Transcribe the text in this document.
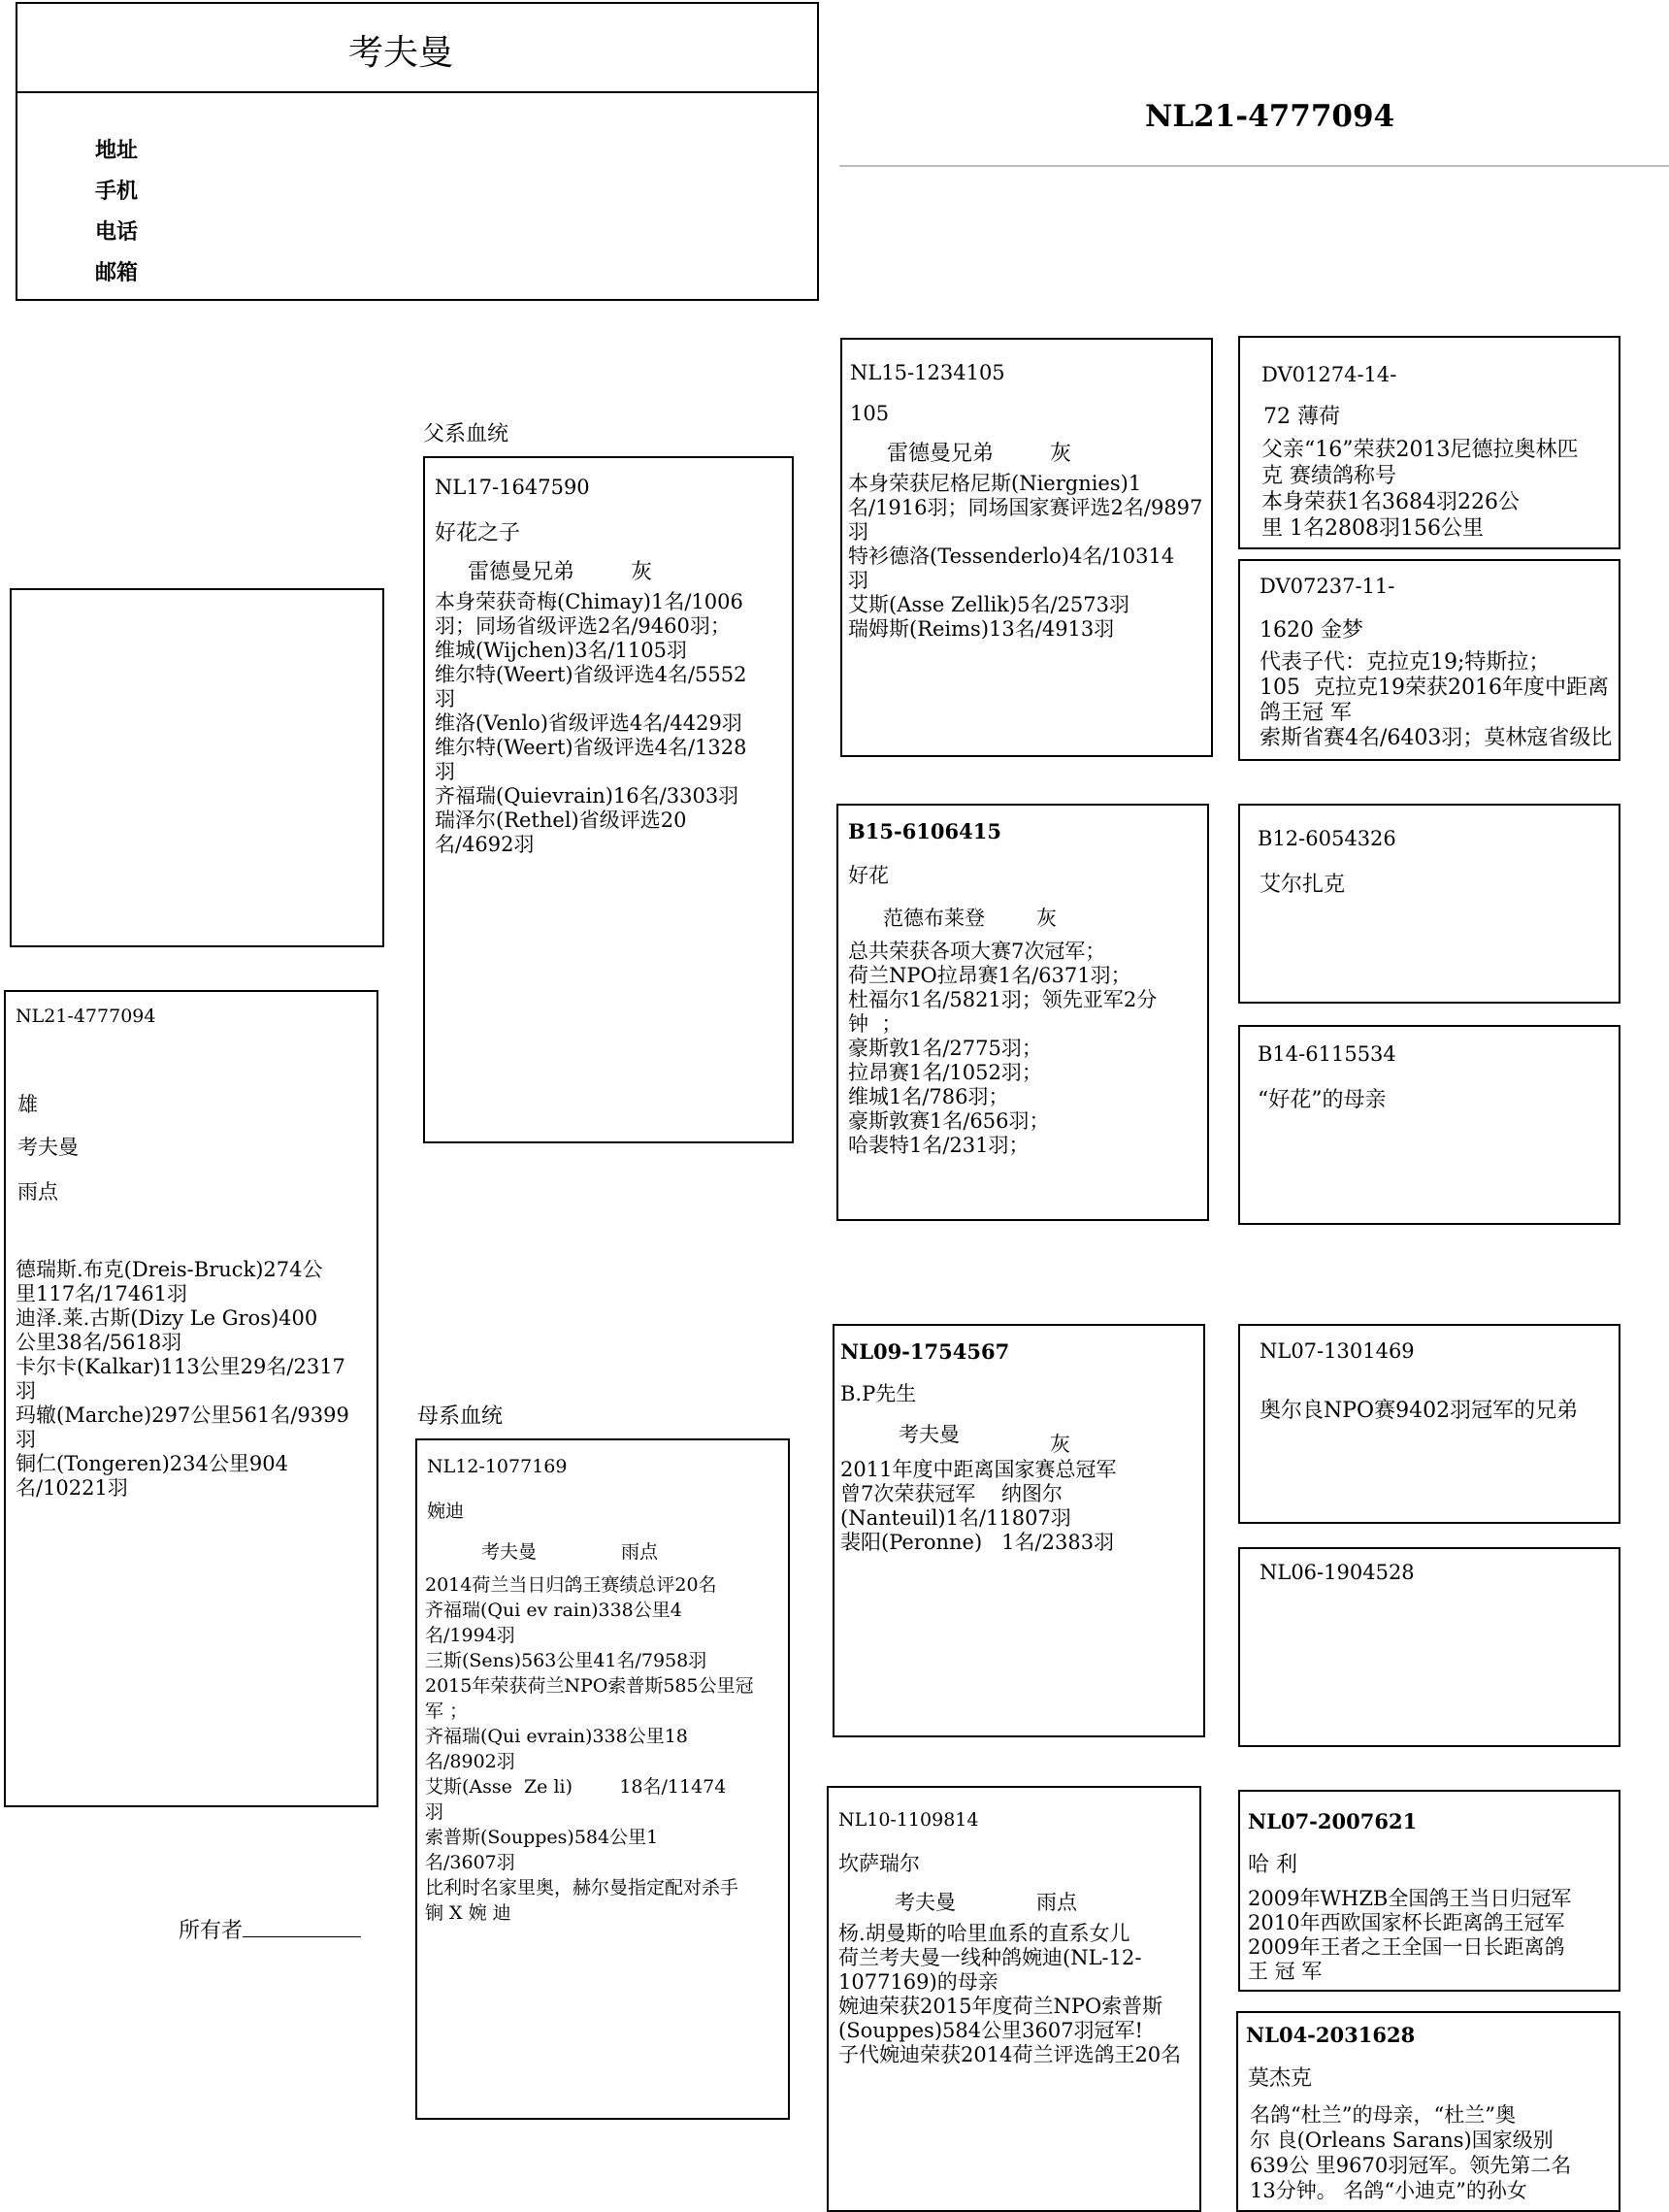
考夫曼
地址
手机
电话
邮箱
NL21-4777094
NL21-4777094
雄
考夫曼
雨点
德瑞斯.布克(Dreis-Bruck)274公
里117名/17461羽
迪泽.莱.古斯(Dizy Le Gros)400
公里38名/5618羽
卡尔卡(Kalkar)113公里29名/2317
羽
玛辙(Marche)297公里561名/9399
羽
铜仁(Tongeren)234公里904
名/10221羽
所有者
父系血统
母系血统
NL17-1647590
好花之子
雷德曼兄弟	灰
本身荣获奇梅(Chimay)1名/1006
羽；同场省级评选2名/9460羽；
维城(Wijchen)3名/1105羽
维尔特(Weert)省级评选4名/5552
羽
维洛(Venlo)省级评选4名/4429羽
维尔特(Weert)省级评选4名/1328
羽
齐福瑞(Quievrain)16名/3303羽
瑞泽尔(Rethel)省级评选20
名/4692羽
NL12-1077169
婉迪
考夫曼	雨点
2014荷兰当日归鸽王赛绩总评20名
齐福瑞(Qui ev rain)338公里4
名/1994羽
三斯(Sens)563公里41名/7958羽
2015年荣获荷兰NPO索普斯585公里冠
军 ；
齐福瑞(Qui evrain)338公里18
名/8902羽
艾斯(Asse  Ze li)        18名/11474
羽
索普斯(Souppes)584公里1
名/3607羽
比利时名家里奥，赫尔曼指定配对杀手
锏 X 婉 迪
NL15-1234105
105
雷德曼兄弟	灰
本身荣获尼格尼斯(Niergnies)1
名/1916羽；同场国家赛评选2名/9897
羽
特衫德洛(Tessenderlo)4名/10314
羽
艾斯(Asse Zellik)5名/2573羽
瑞姆斯(Reims)13名/4913羽
B15-6106415
好花
范德布莱登	灰
总共荣获各项大赛7次冠军；
荷兰NPO拉昂赛1名/6371羽；
杜福尔1名/5821羽；领先亚军2分
钟  ；
豪斯敦1名/2775羽；
拉昂赛1名/1052羽；
维城1名/786羽；
豪斯敦赛1名/656羽；
哈裴特1名/231羽；
NL09-1754567
B.P先生
考夫曼	灰
2011年度中距离国家赛总冠军
曾7次荣获冠军    纳图尔
(Nanteuil)1名/11807羽
裴阳(Peronne)   1名/2383羽
NL10-1109814
坎萨瑞尔
考夫曼	雨点
杨.胡曼斯的哈里血系的直系女儿
荷兰考夫曼一线种鸽婉迪(NL-12-
1077169)的母亲
婉迪荣获2015年度荷兰NPO索普斯
(Souppes)584公里3607羽冠军!
子代婉迪荣获2014荷兰评选鸽王20名
DV01274-14-
72 薄荷
父亲“16”荣获2013尼德拉奥林匹
克 赛绩鸽称号
本身荣获1名3684羽226公
里 1名2808羽156公里
DV07237-11-
1620 金梦
代表子代：克拉克19;特斯拉；
105  克拉克19荣获2016年度中距离
鸽王冠 军
索斯省赛4名/6403羽；莫林寇省级比
B12-6054326
艾尔扎克
B14-6115534
“好花”的母亲
NL07-1301469
奥尔良NPO赛9402羽冠军的兄弟
NL06-1904528
NL07-2007621
哈 利
2009年WHZB全国鸽王当日归冠军
2010年西欧国家杯长距离鸽王冠军
2009年王者之王全国一日长距离鸽
王 冠 军
NL04-2031628
莫杰克
名鸽“杜兰”的母亲，“杜兰”奥
尔 良(Orleans Sarans)国家级别
639公 里9670羽冠军。领先第二名
13分钟。 名鸽“小迪克”的孙女
